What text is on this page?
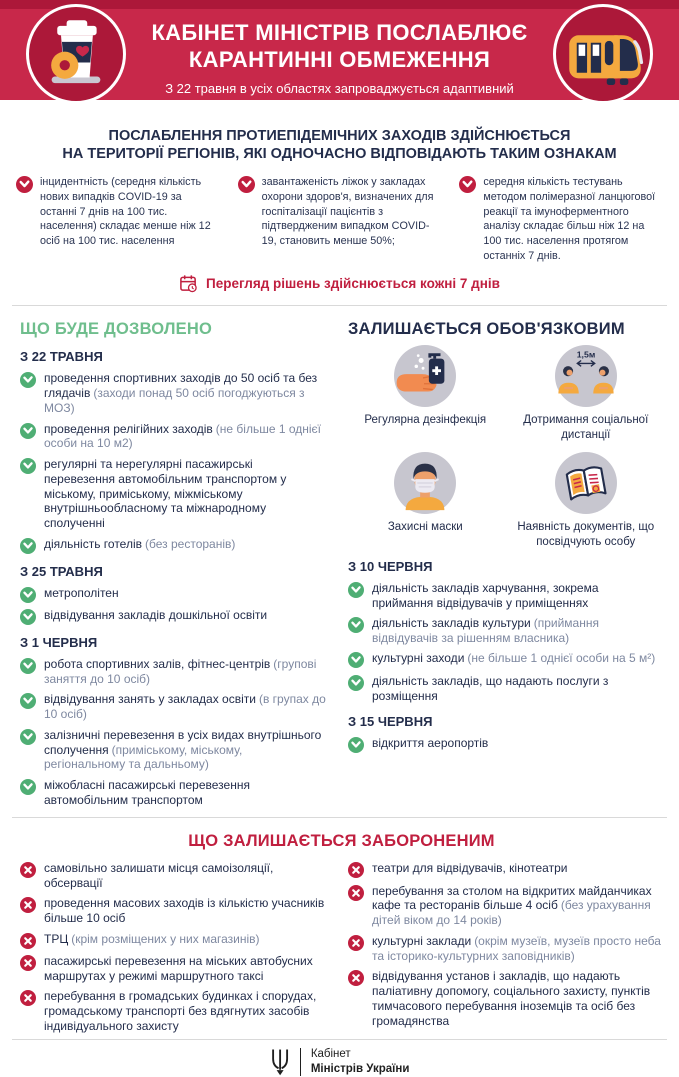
КАБІНЕТ МІНІСТРІВ ПОСЛАБЛЮЄ
КАРАНТИННІ ОБМЕЖЕННЯ
З 22 травня в усіх областях запроваджується адаптивний карантин
ПОСЛАБЛЕННЯ ПРОТИЕПІДЕМІЧНИХ ЗАХОДІВ ЗДІЙСНЮЄТЬСЯ
НА ТЕРИТОРІЇ РЕГІОНІВ, ЯКІ ОДНОЧАСНО ВІДПОВІДАЮТЬ ТАКИМ ОЗНАКАМ

інцидентність (середня кількість нових випадків COVID-19 за останні 7 днів на 100 тис. населення) складає менше ніж 12 осіб на 100 тис. населення

завантаженість ліжок у закладах охорони здоров'я, визначених для госпіталізації пацієнтів з підтвердженим випадком COVID-19, становить менше 50%;

середня кількість тестувань методом полімеразної ланцюгової реакції та імуноферментного аналізу складає більш ніж 12 на 100 тис. населення протягом останніх 7 днів.

Перегляд рішень здійснюється кожні 7 днів
ЩО БУДЕ ДОЗВОЛЕНО
З 22 ТРАВНЯ

проведення спортивних заходів до 50 осіб та без глядачів (заходи понад 50 осіб погоджуються з МОЗ)

проведення релігійних заходів (не більше 1 однієї особи на 10 м2)

регулярні та нерегулярні пасажирські перевезення автомобільним транспортом у міському, приміському, міжміському внутрішньообласному та міжнародному сполученні

діяльність готелів (без ресторанів)

З 25 ТРАВНЯ

метрополітен

відвідування закладів дошкільної освіти

З 1 ЧЕРВНЯ

робота спортивних залів, фітнес-центрів (групові заняття до 10 осіб)

відвідування занять у закладах освіти (в групах до 10 осіб)

залізничні перевезення в усіх видах внутрішнього сполучення (приміському, міському, регіональному та дальньому)

міжобласні пасажирські перевезення автомобільним транспортом

ЗАЛИШАЄТЬСЯ ОБОВ'ЯЗКОВИМ
Регулярна дезінфекція
1,5м
Дотримання соціальної дистанції
Захисні маски	Наявність документів, що посвідчують особу
З 10 ЧЕРВНЯ

діяльність закладів харчування, зокрема приймання відвідувачів у приміщеннях

діяльність закладів культури (приймання відвідувачів за рішенням власника)

культурні заходи (не більше 1 однієї особи на 5 м²)

діяльність закладів, що надають послуги з розміщення

З 15 ЧЕРВНЯ

відкриття аеропортів

ЩО ЗАЛИШАЄТЬСЯ ЗАБОРОНЕНИМ

самовільно залишати місця самоізоляції, обсервації

проведення масових заходів із кількістю учасників більше 10 осіб

ТРЦ (крім розміщених у них магазинів)

пасажирські перевезення на міських автобусних маршрутах у режимі маршрутного таксі

перебування в громадських будинках і спорудах, громадському транспорті без вдягнутих засобів індивідуального захисту

театри для відвідувачів, кінотеатри

перебування за столом на відкритих майданчиках кафе та ресторанів більше 4 осіб (без урахування дітей віком до 14 років)

культурні заклади (окрім музеїв, музеїв просто неба та історико-культурних заповідників)

відвідування установ і закладів, що надають паліативну допомогу, соціального захисту, пунктів тимчасового перебування іноземців та осіб без громадянства

Кабінет
Міністрів України
